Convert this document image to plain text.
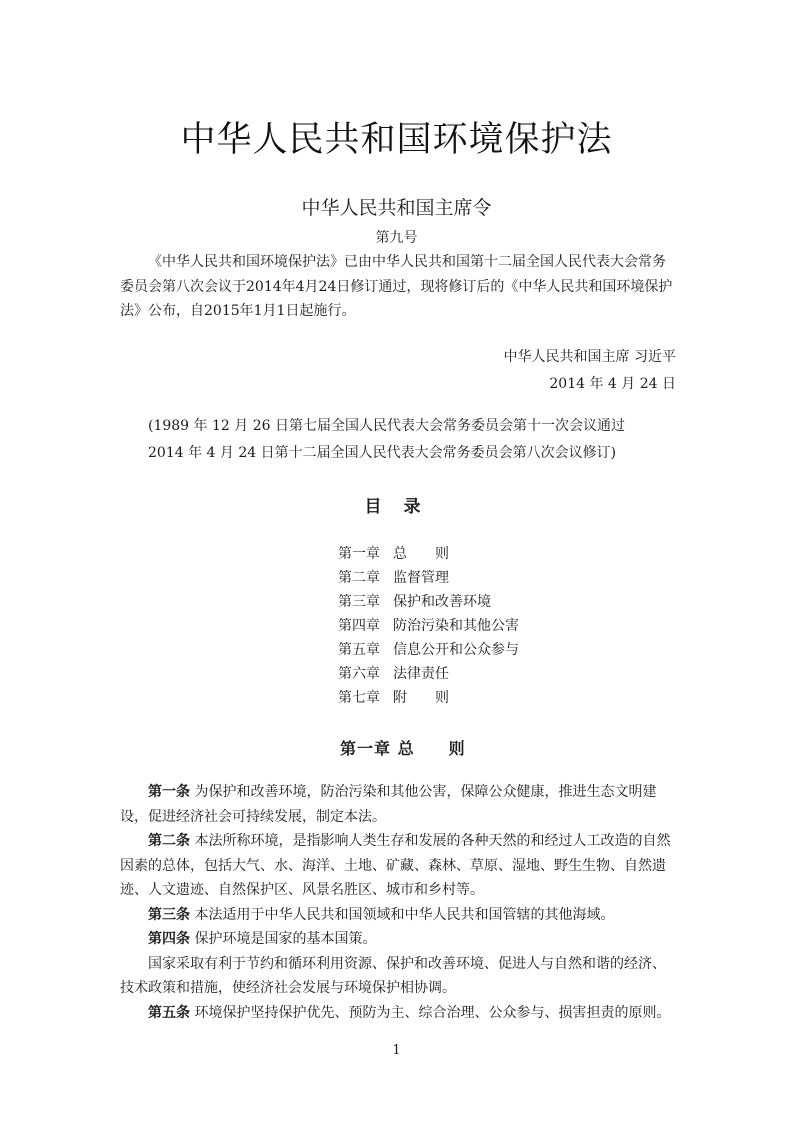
中华人民共和国环境保护法
中华人民共和国主席令
第九号

《中华人民共和国环境保护法》已由中华人民共和国第十二届全国人民代表大会常务委员会第八次会议于2014年4月24日修订通过，现将修订后的《中华人民共和国环境保护法》公布，自2015年1月1日起施行。

中华人民共和国主席 习近平
2014 年 4 月 24 日
(1989 年 12 月 26 日第七届全国人民代表大会常务委员会第十一次会议通过
2014 年 4 月 24 日第十二届全国人民代表大会常务委员会第八次会议修订)
目 录
第一章 总　　则
第二章 监督管理
第三章 保护和改善环境
第四章 防治污染和其他公害
第五章 信息公开和公众参与
第六章 法律责任
第七章 附　　则
第一章 总　　则

第一条 为保护和改善环境，防治污染和其他公害，保障公众健康，推进生态文明建设，促进经济社会可持续发展，制定本法。

第二条 本法所称环境，是指影响人类生存和发展的各种天然的和经过人工改造的自然因素的总体，包括大气、水、海洋、土地、矿藏、森林、草原、湿地、野生生物、自然遗迹、人文遗迹、自然保护区、风景名胜区、城市和乡村等。

第三条 本法适用于中华人民共和国领域和中华人民共和国管辖的其他海域。

第四条 保护环境是国家的基本国策。

国家采取有利于节约和循环利用资源、保护和改善环境、促进人与自然和谐的经济、技术政策和措施，使经济社会发展与环境保护相协调。

第五条 环境保护坚持保护优先、预防为主、综合治理、公众参与、损害担责的原则。

1
